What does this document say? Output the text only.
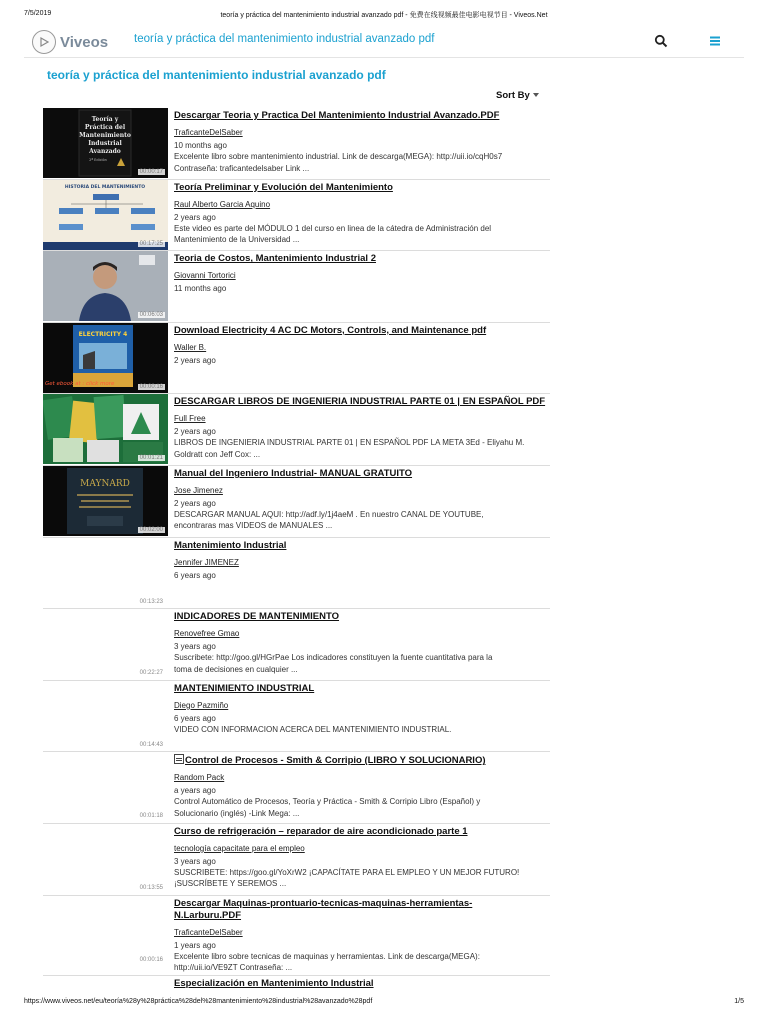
7/5/2019	teoría y práctica del mantenimiento industrial avanzado pdf - 免费在线视频最佳电影电视节目 - Viveos.Net
Viveos teoría y práctica del mantenimiento industrial avanzado pdf
teoría y práctica del mantenimiento industrial avanzado pdf
Sort By
Teoría y
Práctica del
Mantenimiento
Industrial
Avanzado
2ª Edición
00:00:17
Descargar Teoria y Practica Del Mantenimiento Industrial Avanzado.PDF
TraficanteDelSaber
10 months ago
Excelente libro sobre mantenimiento industrial. Link de descarga(MEGA): http://uii.io/cqH0s7
Contraseña: traficantedelsaber Link ...
HISTORIA DEL MANTENIMIENTO
00:17:25
Teoría Preliminar y Evolución del Mantenimiento
Raul Alberto Garcia Aquino
2 years ago
Este video es parte del MÓDULO 1 del curso en linea de la cátedra de Administración del
Mantenimiento de la Universidad ...
00:06:03
Teoria de Costos, Mantenimiento Industrial 2
Giovanni Tortorici
11 months ago
ELECTRICITY 4
Get ebook at : click more	00:00:16
Download Electricity 4 AC DC Motors, Controls, and Maintenance pdf
Waller B.
2 years ago
00:01:21
DESCARGAR LIBROS DE INGENIERIA INDUSTRIAL PARTE 01 | EN ESPAÑOL PDF
Full Free
2 years ago
LIBROS DE INGENIERIA INDUSTRIAL PARTE 01 | EN ESPAÑOL PDF LA META 3Ed - Eliyahu M.
Goldratt con Jeff Cox: ...
MAYNARD
00:02:00
Manual del Ingeniero Industrial- MANUAL GRATUITO
Jose Jimenez
2 years ago
DESCARGAR MANUAL AQUI: http://adf.ly/1j4aeM . En nuestro CANAL DE YOUTUBE,
encontraras mas VIDEOS de MANUALES ...
00:13:23
Mantenimiento Industrial
Jennifer JIMENEZ
6 years ago
00:22:27
INDICADORES DE MANTENIMIENTO
Renovefree Gmao
3 years ago
Suscribete: http://goo.gl/HGrPae Los indicadores constituyen la fuente cuantitativa para la
toma de decisiones en cualquier ...
00:14:43
MANTENIMIENTO INDUSTRIAL
Diego Pazmiño
6 years ago
VIDEO CON INFORMACION ACERCA DEL MANTENIMIENTO INDUSTRIAL.
00:01:18
Control de Procesos - Smith & Corripio (LIBRO Y SOLUCIONARIO)
Random Pack
a years ago
Control Automático de Procesos, Teoría y Práctica - Smith & Corripio Libro (Español) y
Solucionario (inglés) -Link Mega: ...
00:13:55
Curso de refrigeración – reparador de aire acondicionado parte 1
tecnología capacitate para el empleo
3 years ago
SUSCRIBETE: https://goo.gl/YoXrW2 ¡CAPACÍTATE PARA EL EMPLEO Y UN MEJOR FUTURO!
¡SUSCRÍBETE Y SEREMOS ...
00:00:16
Descargar Maquinas-prontuario-tecnicas-maquinas-herramientas-N.Larburu.PDF
TraficanteDelSaber
1 years ago
Excelente libro sobre tecnicas de maquinas y herramientas. Link de descarga(MEGA):
http://uii.io/VE9ZT Contraseña: ...
Especialización en Mantenimiento Industrial
https://www.viveos.net/eu/teoría%28y%28práctica%28del%28mantenimiento%28industrial%28avanzado%28pdf	1/5
